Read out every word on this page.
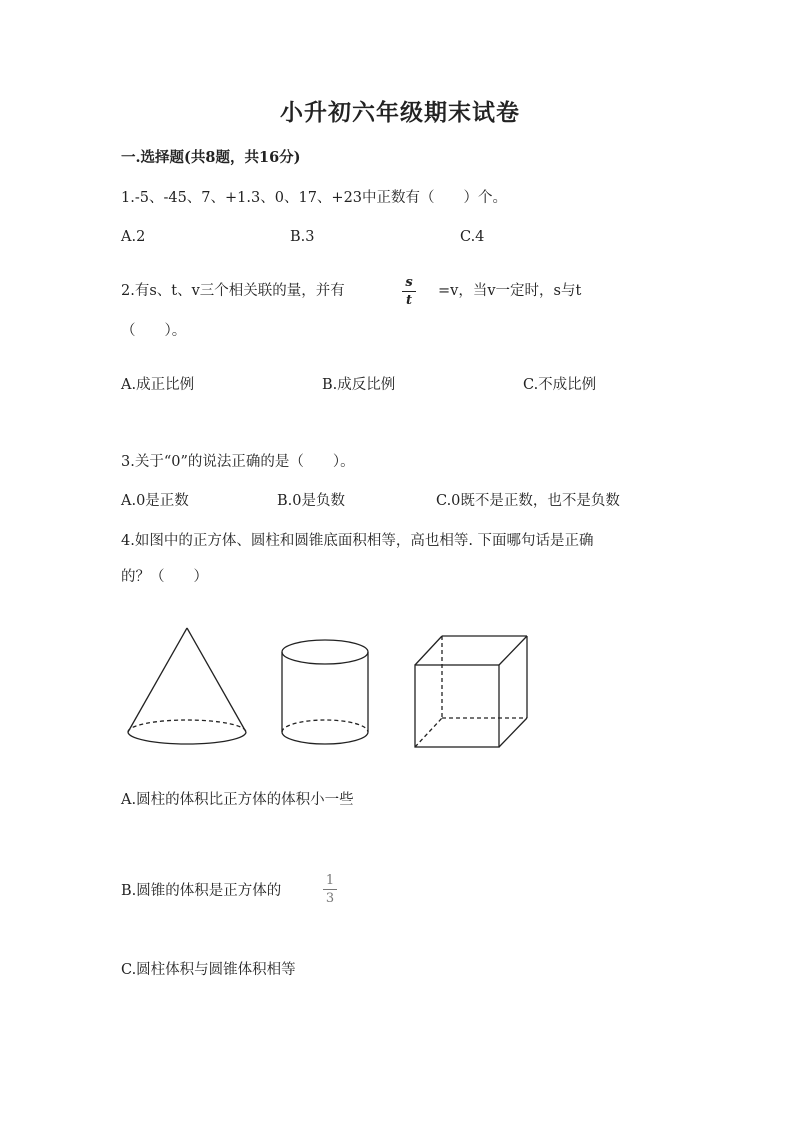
小升初六年级期末试卷
一.选择题(共8题，共16分)
1.-5、-45、7、+1.3、0、17、+23中正数有（　　）个。
A.2	B.3	C.4
2.有s、t、v三个相关联的量，并有	$\frac{s}{t} =v$，当v一定时，s与t
（　　）。
A.成正比例	B.成反比例	C.不成比例
3.关于“0”的说法正确的是（　　）。
A.0是正数	B.0是负数	C.0既不是正数，也不是负数
4.如图中的正方体、圆柱和圆锥底面积相等，高也相等. 下面哪句话是正确
的？（　　）
A.圆柱的体积比正方体的体积小一些
B.圆锥的体积是正方体的	$\frac{1}{3}$
C.圆柱体积与圆锥体积相等
